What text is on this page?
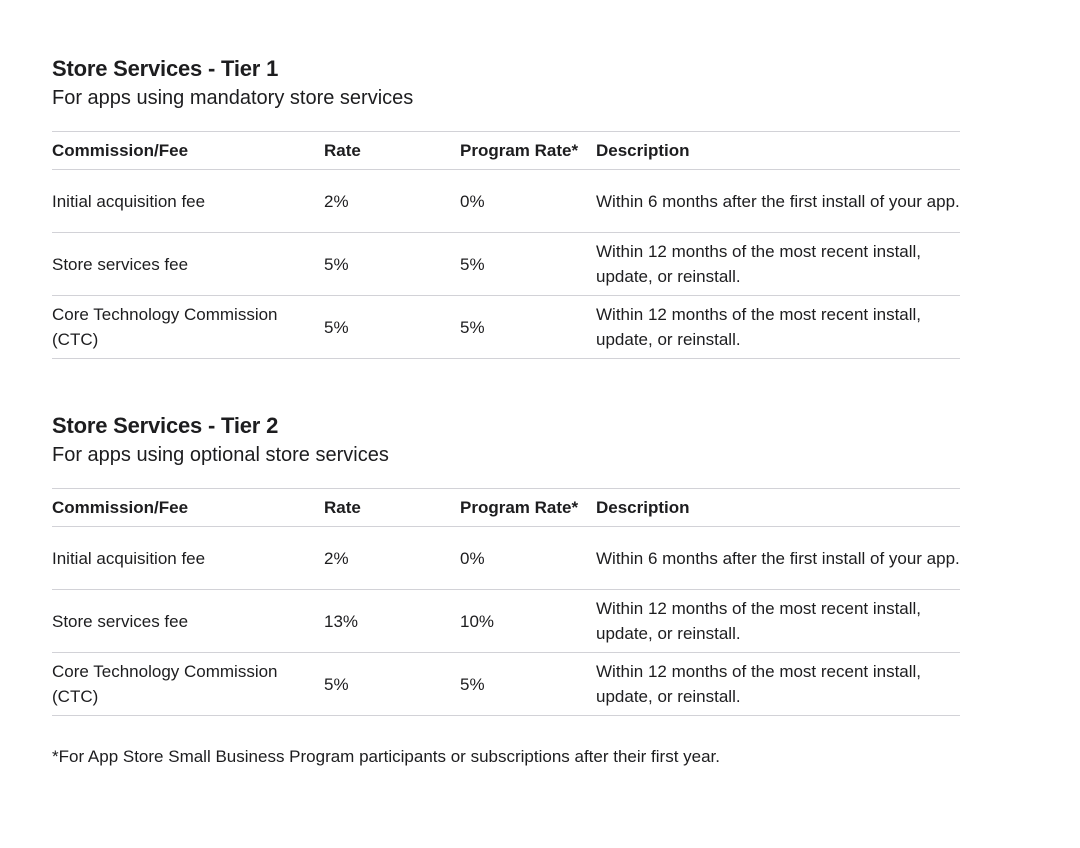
Store Services - Tier 1

For apps using mandatory store services

Commission/Fee	Rate	Program Rate*	Description
Initial acquisition fee	2%	0%	Within 6 months after the first install of your app.
Store services fee	5%	5%	Within 12 months of the most recent install, update, or reinstall.
Core Technology Commission (CTC)	5%	5%	Within 12 months of the most recent install, update, or reinstall.
Store Services - Tier 2

For apps using optional store services

Commission/Fee	Rate	Program Rate*	Description
Initial acquisition fee	2%	0%	Within 6 months after the first install of your app.
Store services fee	13%	10%	Within 12 months of the most recent install, update, or reinstall.
Core Technology Commission (CTC)	5%	5%	Within 12 months of the most recent install, update, or reinstall.

*For App Store Small Business Program participants or subscriptions after their first year.
